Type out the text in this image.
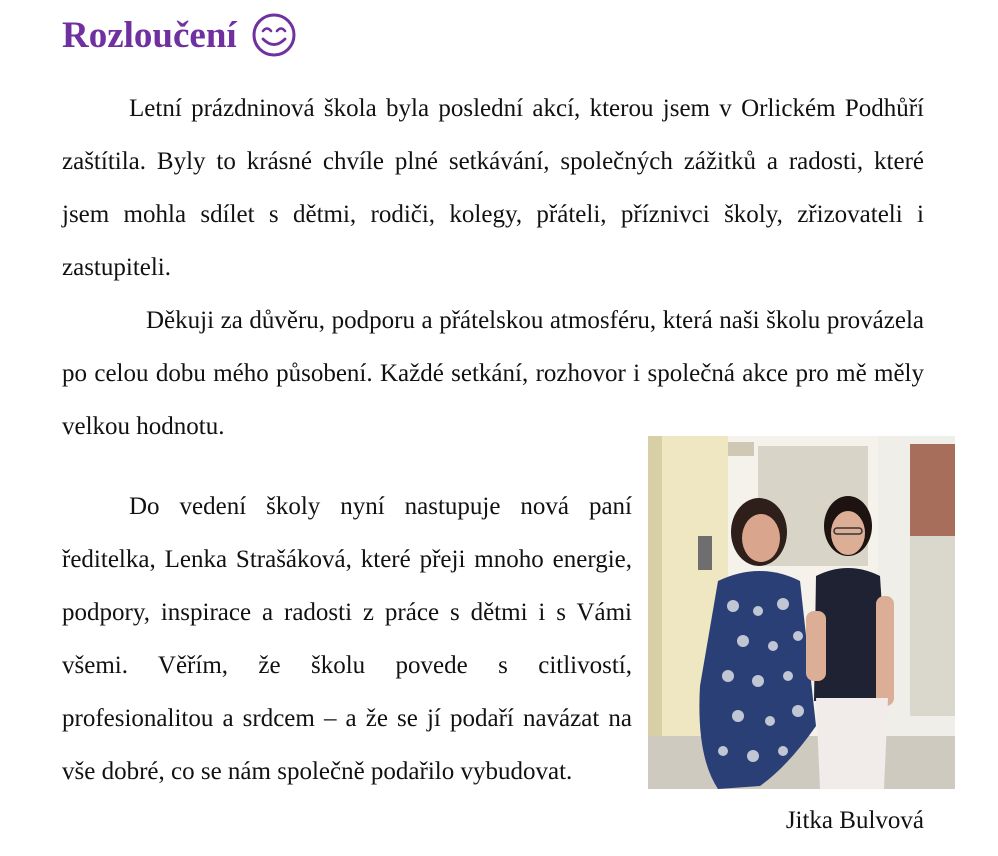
Rozloučení

Letní prázdninová škola byla poslední akcí, kterou jsem v Orlickém Podhůří zaštítila. Byly to krásné chvíle plné setkávání, společných zážitků a radosti, které jsem mohla sdílet s dětmi, rodiči, kolegy, přáteli, příznivci školy, zřizovateli i zastupiteli.

Děkuji za důvěru, podporu a přátelskou atmosféru, která naši školu provázela po celou dobu mého působení. Každé setkání, rozhovor i společná akce pro mě měly velkou hodnotu.

Do vedení školy nyní nastupuje nová paní ředitelka, Lenka Strašáková, které přeji mnoho energie, podpory, inspirace a radosti z práce s dětmi i s Vámi všemi. Věřím, že školu povede s citlivostí, profesionalitou a srdcem – a že se jí podaří navázat na vše dobré, co se nám společně podařilo vybudovat.

Jitka Bulvová
